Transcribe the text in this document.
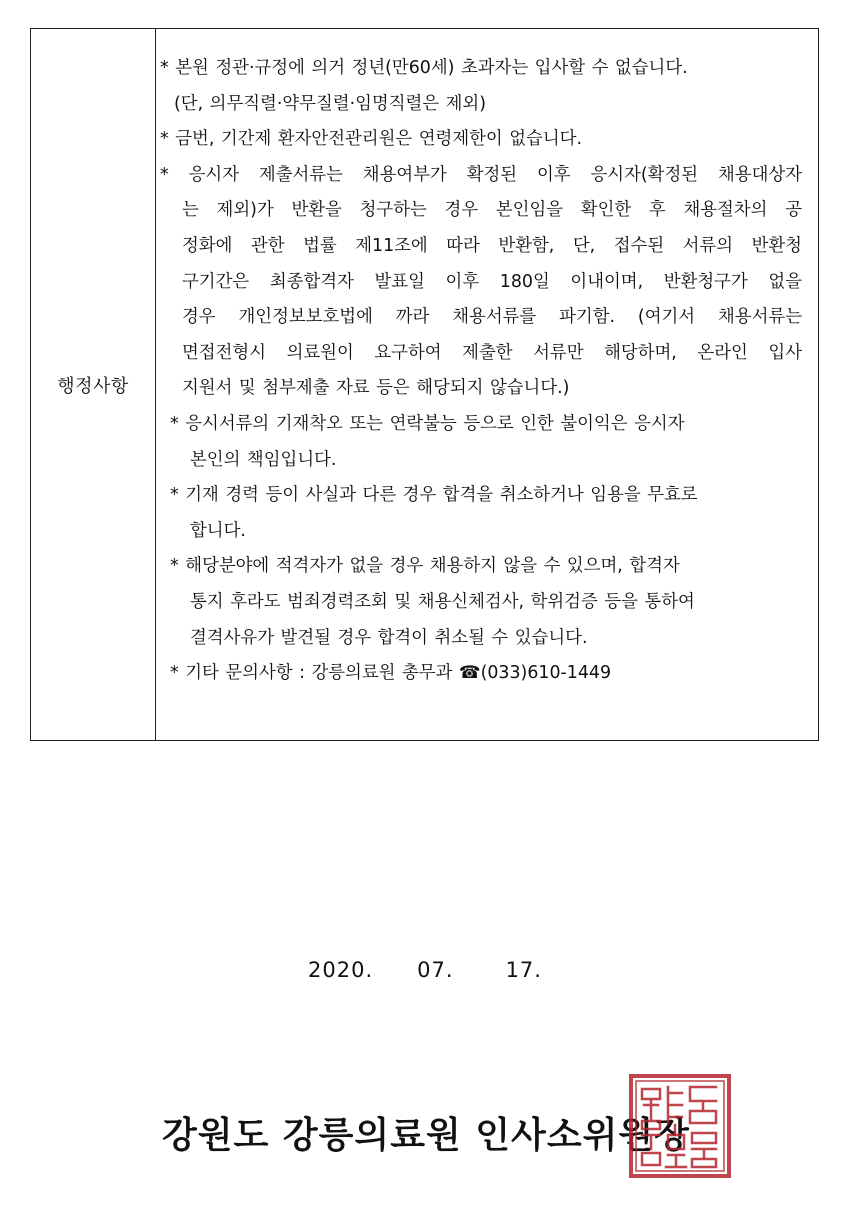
행정사항
* 본원 정관·규정에 의거 정년(만60세) 초과자는 입사할 수 없습니다.
(단, 의무직렬·약무질렬·임명직렬은 제외)
* 금번, 기간제 환자안전관리원은 연령제한이 없습니다.
* 응시자 제출서류는 채용여부가 확정된 이후 응시자(확정된 채용대상자
는 제외)가 반환을 청구하는 경우 본인임을 확인한 후 채용절차의 공
정화에 관한 법률 제11조에 따라 반환함, 단, 접수된 서류의 반환청
구기간은 최종합격자 발표일 이후 180일 이내이며, 반환청구가 없을
경우 개인정보보호법에 까라 채용서류를 파기함. (여기서 채용서류는
면접전형시 의료원이 요구하여 제출한 서류만 해당하며, 온라인 입사
지원서 및 첨부제출 자료 등은 해당되지 않습니다.)
* 응시서류의 기재착오 또는 연락불능 등으로 인한 불이익은 응시자
본인의 책임입니다.
* 기재 경력 등이 사실과 다른 경우 합격을 취소하거나 임용을 무효로
합니다.
* 해당분야에 적격자가 없을 경우 채용하지 않을 수 있으며, 합격자
통지 후라도 범죄경력조회 및 채용신체검사, 학위검증 등을 통하여
결격사유가 발견될 경우 합격이 취소될 수 있습니다.
* 기타 문의사항 : 강릉의료원 총무과 ☎(033)610-1449
2020. 07. 17.
강원도 강릉의료원 인사소위원장
